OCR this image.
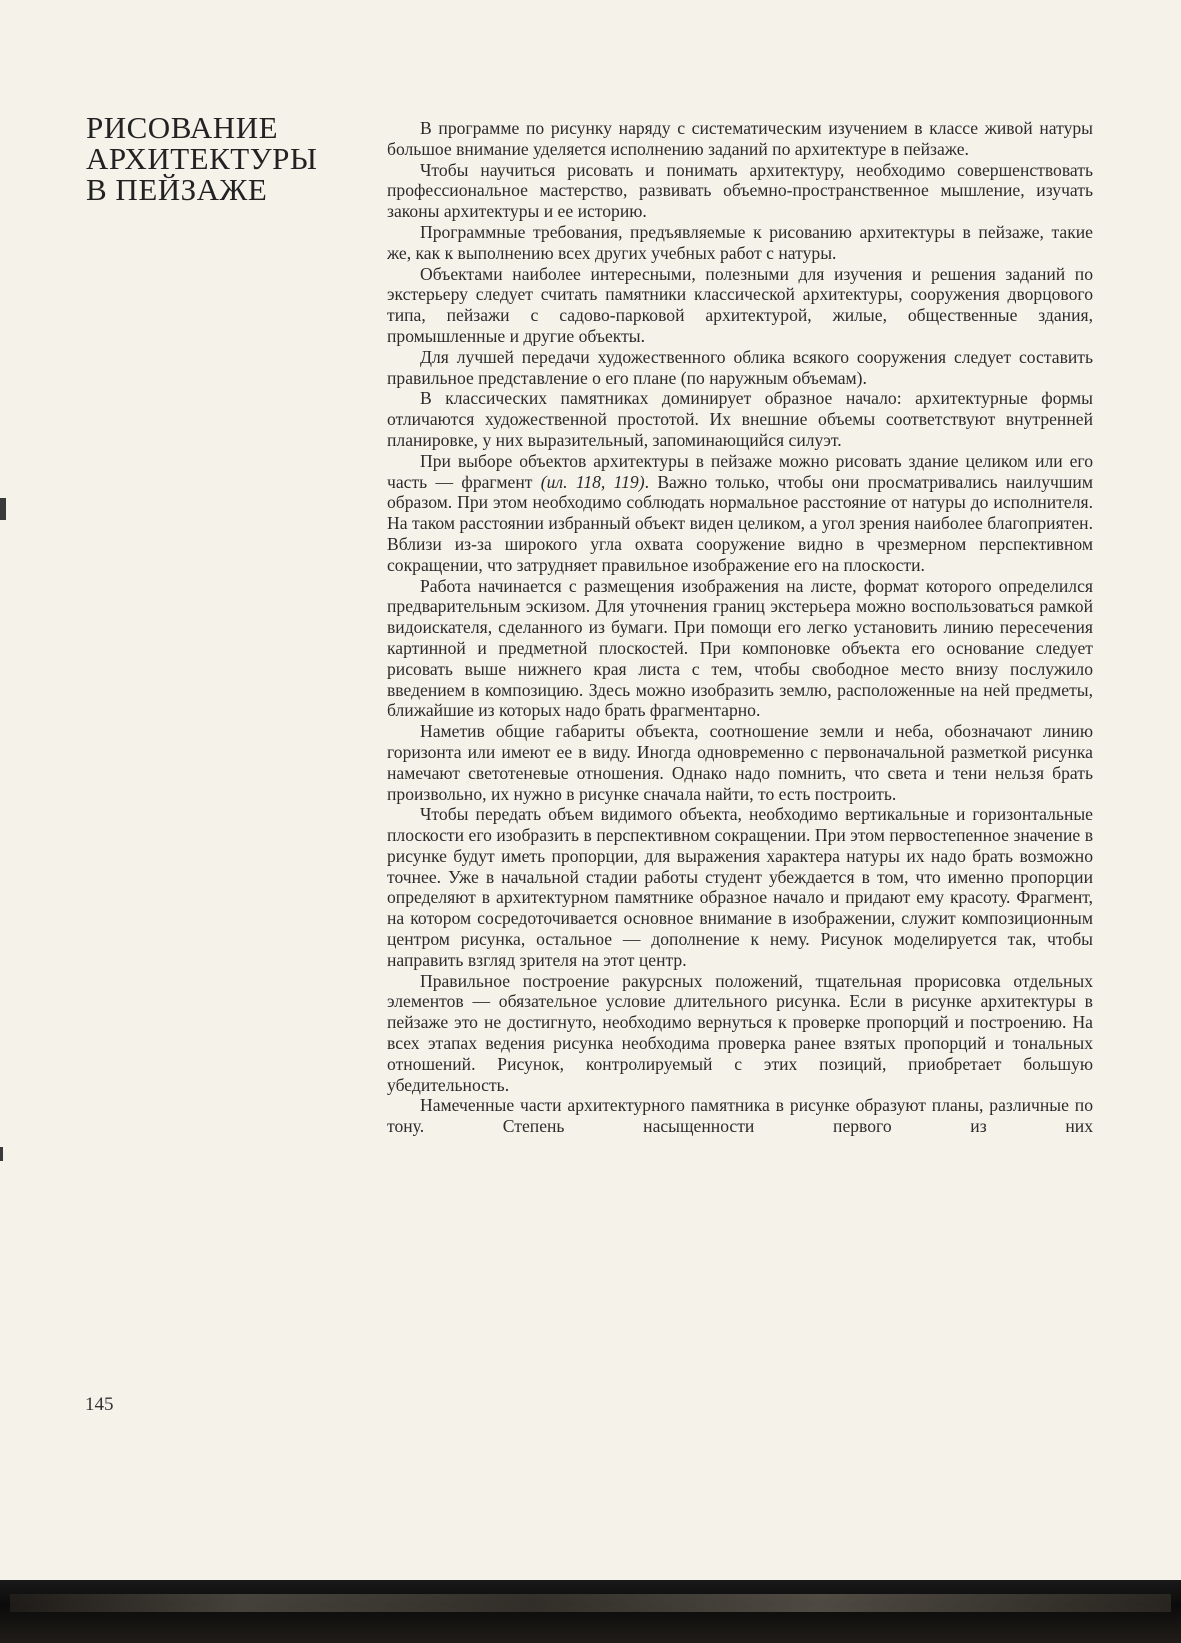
РИСОВАНИЕ
АРХИТЕКТУРЫ
В ПЕЙЗАЖЕ

В программе по рисунку наряду с систематическим изучением в классе живой натуры большое внимание уделяется исполнению заданий по архитектуре в пейзаже.

Чтобы научиться рисовать и понимать архитектуру, необходимо совершенствовать профессиональное мастерство, развивать объемно-пространственное мышление, изучать законы архитектуры и ее историю.

Программные требования, предъявляемые к рисованию архитектуры в пейзаже, такие же, как к выполнению всех других учебных работ с натуры.

Объектами наиболее интересными, полезными для изучения и решения заданий по экстерьеру следует считать памятники классической архитектуры, сооружения дворцового типа, пейзажи с садово-парковой архитектурой, жилые, общественные здания, промышленные и другие объекты.

Для лучшей передачи художественного облика всякого сооружения следует составить правильное представление о его плане (по наружным объемам).

В классических памятниках доминирует образное начало: архитектурные формы отличаются художественной простотой. Их внешние объемы соответствуют внутренней планировке, у них выразительный, запоминающийся силуэт.

При выборе объектов архитектуры в пейзаже можно рисовать здание целиком или его часть — фрагмент (ил. 118, 119). Важно только, чтобы они просматривались наилучшим образом. При этом необходимо соблюдать нормальное расстояние от натуры до исполнителя. На таком расстоянии избранный объект виден целиком, а угол зрения наиболее благоприятен. Вблизи из-за широкого угла охвата сооружение видно в чрезмерном перспективном сокращении, что затрудняет правильное изображение его на плоскости.

Работа начинается с размещения изображения на листе, формат которого определился предварительным эскизом. Для уточнения границ экстерьера можно воспользоваться рамкой видоискателя, сделанного из бумаги. При помощи его легко установить линию пересечения картинной и предметной плоскостей. При компоновке объекта его основание следует рисовать выше нижнего края листа с тем, чтобы свободное место внизу послужило введением в композицию. Здесь можно изобразить землю, расположенные на ней предметы, ближайшие из которых надо брать фрагментарно.

Наметив общие габариты объекта, соотношение земли и неба, обозначают линию горизонта или имеют ее в виду. Иногда одновременно с первоначальной разметкой рисунка намечают светотеневые отношения. Однако надо помнить, что света и тени нельзя брать произвольно, их нужно в рисунке сначала найти, то есть построить.

Чтобы передать объем видимого объекта, необходимо вертикальные и горизонтальные плоскости его изобразить в перспективном сокращении. При этом первостепенное значение в рисунке будут иметь пропорции, для выражения характера натуры их надо брать возможно точнее. Уже в начальной стадии работы студент убеждается в том, что именно пропорции определяют в архитектурном памятнике образное начало и придают ему красоту. Фрагмент, на котором сосредоточивается основное внимание в изображении, служит композиционным центром рисунка, остальное — дополнение к нему. Рисунок моделируется так, чтобы направить взгляд зрителя на этот центр.

Правильное построение ракурсных положений, тщательная прорисовка отдельных элементов — обязательное условие длительного рисунка. Если в рисунке архитектуры в пейзаже это не достигнуто, необходимо вернуться к проверке пропорций и построению. На всех этапах ведения рисунка необходима проверка ранее взятых пропорций и тональных отношений. Рисунок, контролируемый с этих позиций, приобретает большую убедительность.

Намеченные части архитектурного памятника в рисунке образуют планы, различные по тону. Степень насыщенности первого из них

145
